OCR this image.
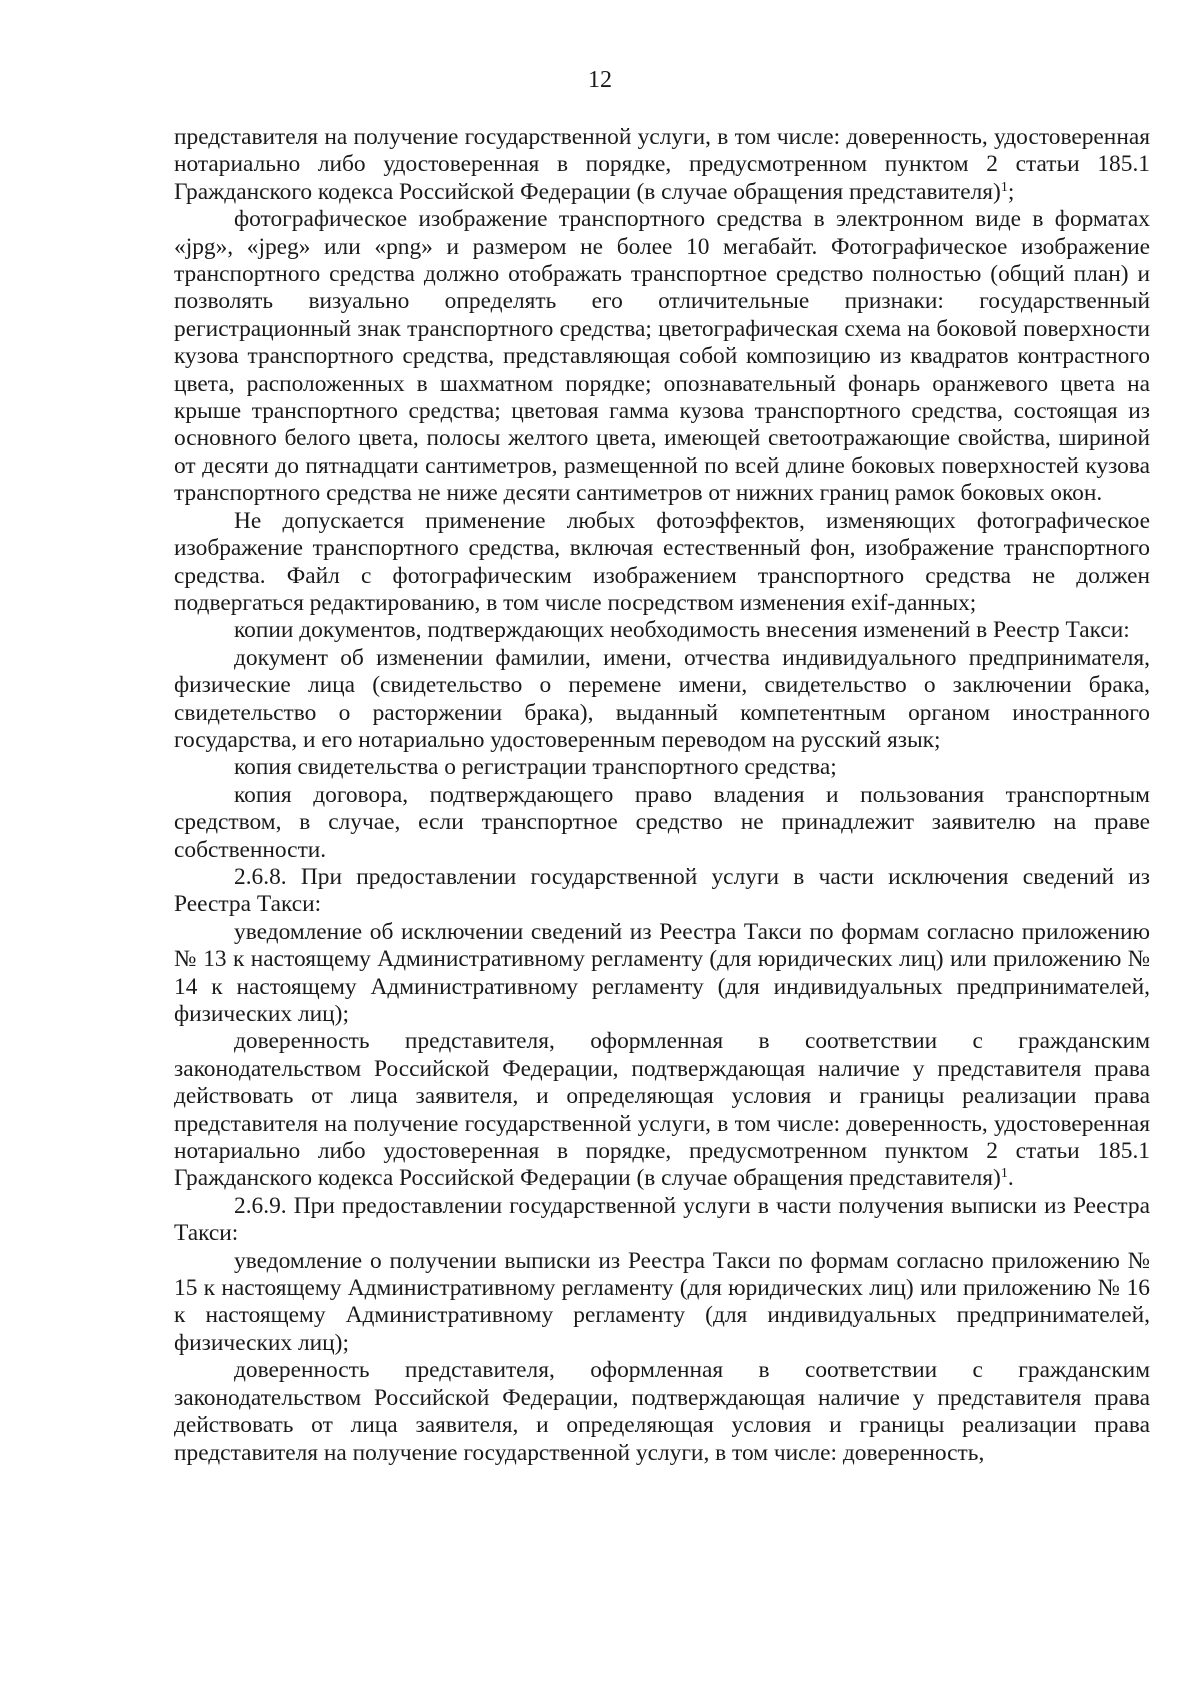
12

представителя на получение государственной услуги, в том числе: доверенность, удостоверенная нотариально либо удостоверенная в порядке, предусмотренном пунктом 2 статьи 185.1 Гражданского кодекса Российской Федерации (в случае обращения представителя)$^1$;

фотографическое изображение транспортного средства в электронном виде в форматах «jpg», «jpeg» или «png» и размером не более 10 мегабайт. Фотографическое изображение транспортного средства должно отображать транспортное средство полностью (общий план) и позволять визуально определять его отличительные признаки: государственный регистрационный знак транспортного средства; цветографическая схема на боковой поверхности кузова транспортного средства, представляющая собой композицию из квадратов контрастного цвета, расположенных в шахматном порядке; опознавательный фонарь оранжевого цвета на крыше транспортного средства; цветовая гамма кузова транспортного средства, состоящая из основного белого цвета, полосы желтого цвета, имеющей светоотражающие свойства, шириной от десяти до пятнадцати сантиметров, размещенной по всей длине боковых поверхностей кузова транспортного средства не ниже десяти сантиметров от нижних границ рамок боковых окон.

Не допускается применение любых фотоэффектов, изменяющих фотографическое изображение транспортного средства, включая естественный фон, изображение транспортного средства. Файл с фотографическим изображением транспортного средства не должен подвергаться редактированию, в том числе посредством изменения exif-данных;

копии документов, подтверждающих необходимость внесения изменений в Реестр Такси:

документ об изменении фамилии, имени, отчества индивидуального предпринимателя, физические лица (свидетельство о перемене имени, свидетельство о заключении брака, свидетельство о расторжении брака), выданный компетентным органом иностранного государства, и его нотариально удостоверенным переводом на русский язык;

копия свидетельства о регистрации транспортного средства;

копия договора, подтверждающего право владения и пользования транспортным средством, в случае, если транспортное средство не принадлежит заявителю на праве собственности.

2.6.8. При предоставлении государственной услуги в части исключения сведений из Реестра Такси:

уведомление об исключении сведений из Реестра Такси по формам согласно приложению № 13 к настоящему Административному регламенту (для юридических лиц) или приложению № 14 к настоящему Административному регламенту (для индивидуальных предпринимателей, физических лиц);

доверенность представителя, оформленная в соответствии с гражданским законодательством Российской Федерации, подтверждающая наличие у представителя права действовать от лица заявителя, и определяющая условия и границы реализации права представителя на получение государственной услуги, в том числе: доверенность, удостоверенная нотариально либо удостоверенная в порядке, предусмотренном пунктом 2 статьи 185.1 Гражданского кодекса Российской Федерации (в случае обращения представителя)$^1$.

2.6.9. При предоставлении государственной услуги в части получения выписки из Реестра Такси:

уведомление о получении выписки из Реестра Такси по формам согласно приложению № 15 к настоящему Административному регламенту (для юридических лиц) или приложению № 16 к настоящему Административному регламенту (для индивидуальных предпринимателей, физических лиц);

доверенность представителя, оформленная в соответствии с гражданским законодательством Российской Федерации, подтверждающая наличие у представителя права действовать от лица заявителя, и определяющая условия и границы реализации права представителя на получение государственной услуги, в том числе: доверенность,
